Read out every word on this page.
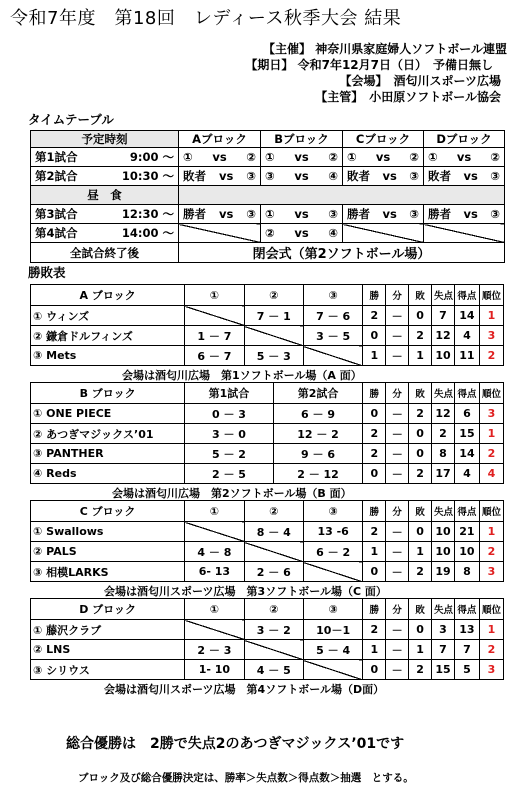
令和7年度　第18回　レディース秋季大会 結果
【主催】 神奈川県家庭婦人ソフトボール連盟
【期日】 令和7年12月7日（日）　予備日無し
【会場】　酒匂川スポーツ広場
【主管】　小田原ソフトボール協会
タイムテーブル
予定時刻	Aブロック	Bブロック	Cブロック	Dブロック

第1試合 9:00 ～	① vs ②	① vs ②	① vs ②	① vs ②

第2試合 10:30 ～	敗者 vs ③	③ vs ④	敗者 vs ③	敗者 vs ③

昼　食				

第3試合 12:30 ～	勝者 vs ③	① vs ③	勝者 vs ③	勝者 vs ③

第4試合 14:00 ～		② vs ④		

全試合終了後	閉会式（第2ソフトボール場）			
勝敗表
A ブロック	①	②	③	勝	分	敗	失点	得点	順位
① ウィンズ		7 － 1	7 － 6	2	－	0	7	14	1
② 鎌倉ドルフィンズ	1 － 7		3 － 5	0	－	2	12	4	3
③ Mets	6 － 7	5 － 3		1	－	1	10	11	2
会場は酒匂川広場　第1ソフトボール場（A 面）
B ブロック	第1試合	第2試合	勝	分	敗	失点	得点	順位
① ONE PIECE	0 － 3	6 － 9	0	－	2	12	6	3
② あつぎマジックス’01	3 － 0	12 － 2	2	－	0	2	15	1
③ PANTHER	5 － 2	9 － 6	2	－	0	8	14	2
④ Reds	2 － 5	2 － 12	0	－	2	17	4	4
会場は酒匂川広場　第2ソフトボール場（B 面）
C ブロック	①	②	③	勝	分	敗	失点	得点	順位
① Swallows		8 － 4	13 -6	2	－	0	10	21	1
② PALS	4 － 8		6 － 2	1	－	1	10	10	2
③ 相模LARKS	6- 13	2 － 6		0	－	2	19	8	3
会場は酒匂川スポーツ広場　第3ソフトボール場（C 面）
D ブロック	①	②	③	勝	分	敗	失点	得点	順位
① 藤沢クラブ		3 － 2	10－1	2	－	0	3	13	1
② LNS	2 － 3		5 － 4	1	－	1	7	7	2
③ シリウス	1- 10	4 － 5		0	－	2	15	5	3
会場は酒匂川スポーツ広場　第4ソフトボール場（D面）
総合優勝は　2勝で失点2のあつぎマジックス’01です
ブロック及び総合優勝決定は、勝率＞失点数＞得点数＞抽選　とする。
